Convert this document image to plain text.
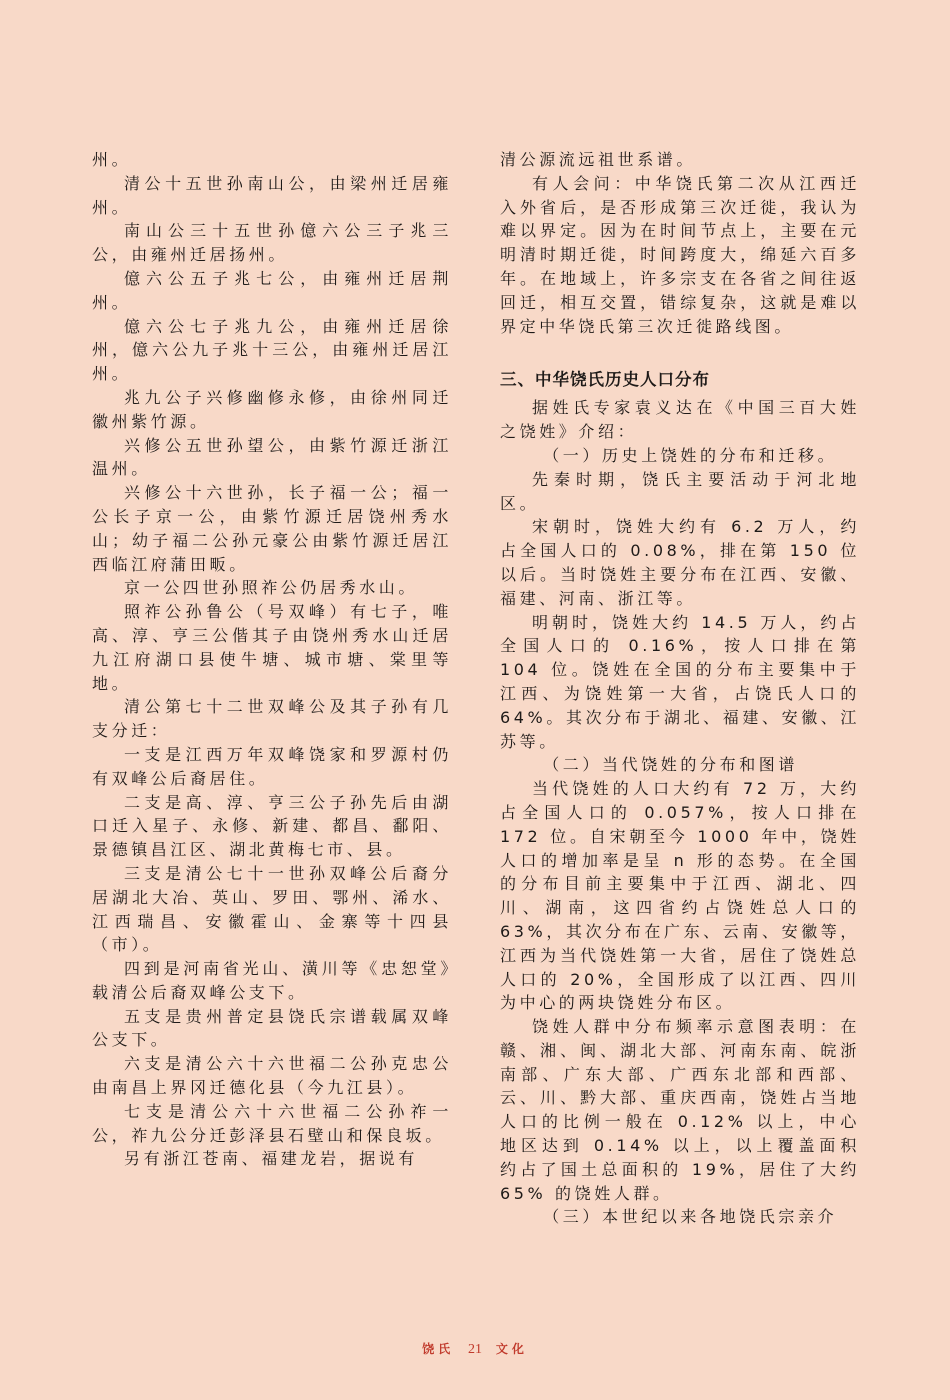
州。

清公十五世孙南山公，由梁州迁居雍州。

南山公三十五世孙億六公三子兆三公，由雍州迁居扬州。

億六公五子兆七公，由雍州迁居荆州。

億六公七子兆九公，由雍州迁居徐州，億六公九子兆十三公，由雍州迁居江州。

兆九公子兴修幽修永修，由徐州同迁徽州紫竹源。

兴修公五世孙望公，由紫竹源迁浙江温州。

兴修公十六世孙，长子福一公；福一公长子京一公，由紫竹源迁居饶州秀水山；幼子福二公孙元豪公由紫竹源迁居江西临江府蒲田畈。

京一公四世孙照祚公仍居秀水山。

照祚公孙鲁公（号双峰）有七子，唯高、淳、亨三公偕其子由饶州秀水山迁居九江府湖口县使牛塘、城市塘、棠里等地。

清公第七十二世双峰公及其子孙有几支分迁：

一支是江西万年双峰饶家和罗源村仍有双峰公后裔居住。

二支是高、淳、亨三公子孙先后由湖口迁入星子、永修、新建、都昌、鄱阳、景德镇昌江区、湖北黄梅七市、县。

三支是清公七十一世孙双峰公后裔分居湖北大冶、英山、罗田、鄂州、浠水、江西瑞昌、安徽霍山、金寨等十四县（市）。

四到是河南省光山、潢川等《忠恕堂》载清公后裔双峰公支下。

五支是贵州普定县饶氏宗谱载属双峰公支下。

六支是清公六十六世福二公孙克忠公由南昌上界冈迁德化县（今九江县）。

七支是清公六十六世福二公孙祚一公，祚九公分迁彭泽县石壁山和保良坂。

另有浙江苍南、福建龙岩，据说有

清公源流远祖世系谱。

有人会问：中华饶氏第二次从江西迁入外省后，是否形成第三次迁徙，我认为难以界定。因为在时间节点上，主要在元明清时期迁徙，时间跨度大，绵延六百多年。在地域上，许多宗支在各省之间往返回迁，相互交置，错综复杂，这就是难以界定中华饶氏第三次迁徙路线图。

三、中华饶氏历史人口分布

据姓氏专家袁义达在《中国三百大姓之饶姓》介绍：

（一）历史上饶姓的分布和迁移。

先秦时期，饶氏主要活动于河北地区。

宋朝时，饶姓大约有 6.2 万人，约占全国人口的 0.08%，排在第 150 位以后。当时饶姓主要分布在江西、安徽、福建、河南、浙江等。

明朝时，饶姓大约 14.5 万人，约占全国人口的 0.16%，按人口排在第 104 位。饶姓在全国的分布主要集中于江西、为饶姓第一大省，占饶氏人口的 64%。其次分布于湖北、福建、安徽、江苏等。

（二）当代饶姓的分布和图谱

当代饶姓的人口大约有 72 万，大约占全国人口的 0.057%，按人口排在 172 位。自宋朝至今 1000 年中，饶姓人口的增加率是呈 n 形的态势。在全国的分布目前主要集中于江西、湖北、四川、湖南，这四省约占饶姓总人口的 63%，其次分布在广东、云南、安徽等，江西为当代饶姓第一大省，居住了饶姓总人口的 20%，全国形成了以江西、四川为中心的两块饶姓分布区。

饶姓人群中分布频率示意图表明：在赣、湘、闽、湖北大部、河南东南、皖浙南部、广东大部、广西东北部和西部、云、川、黔大部、重庆西南，饶姓占当地人口的比例一般在 0.12% 以上，中心地区达到 0.14% 以上，以上覆盖面积约占了国土总面积的 19%，居住了大约 65% 的饶姓人群。

（三）本世纪以来各地饶氏宗亲介

饶氏 21 文化
